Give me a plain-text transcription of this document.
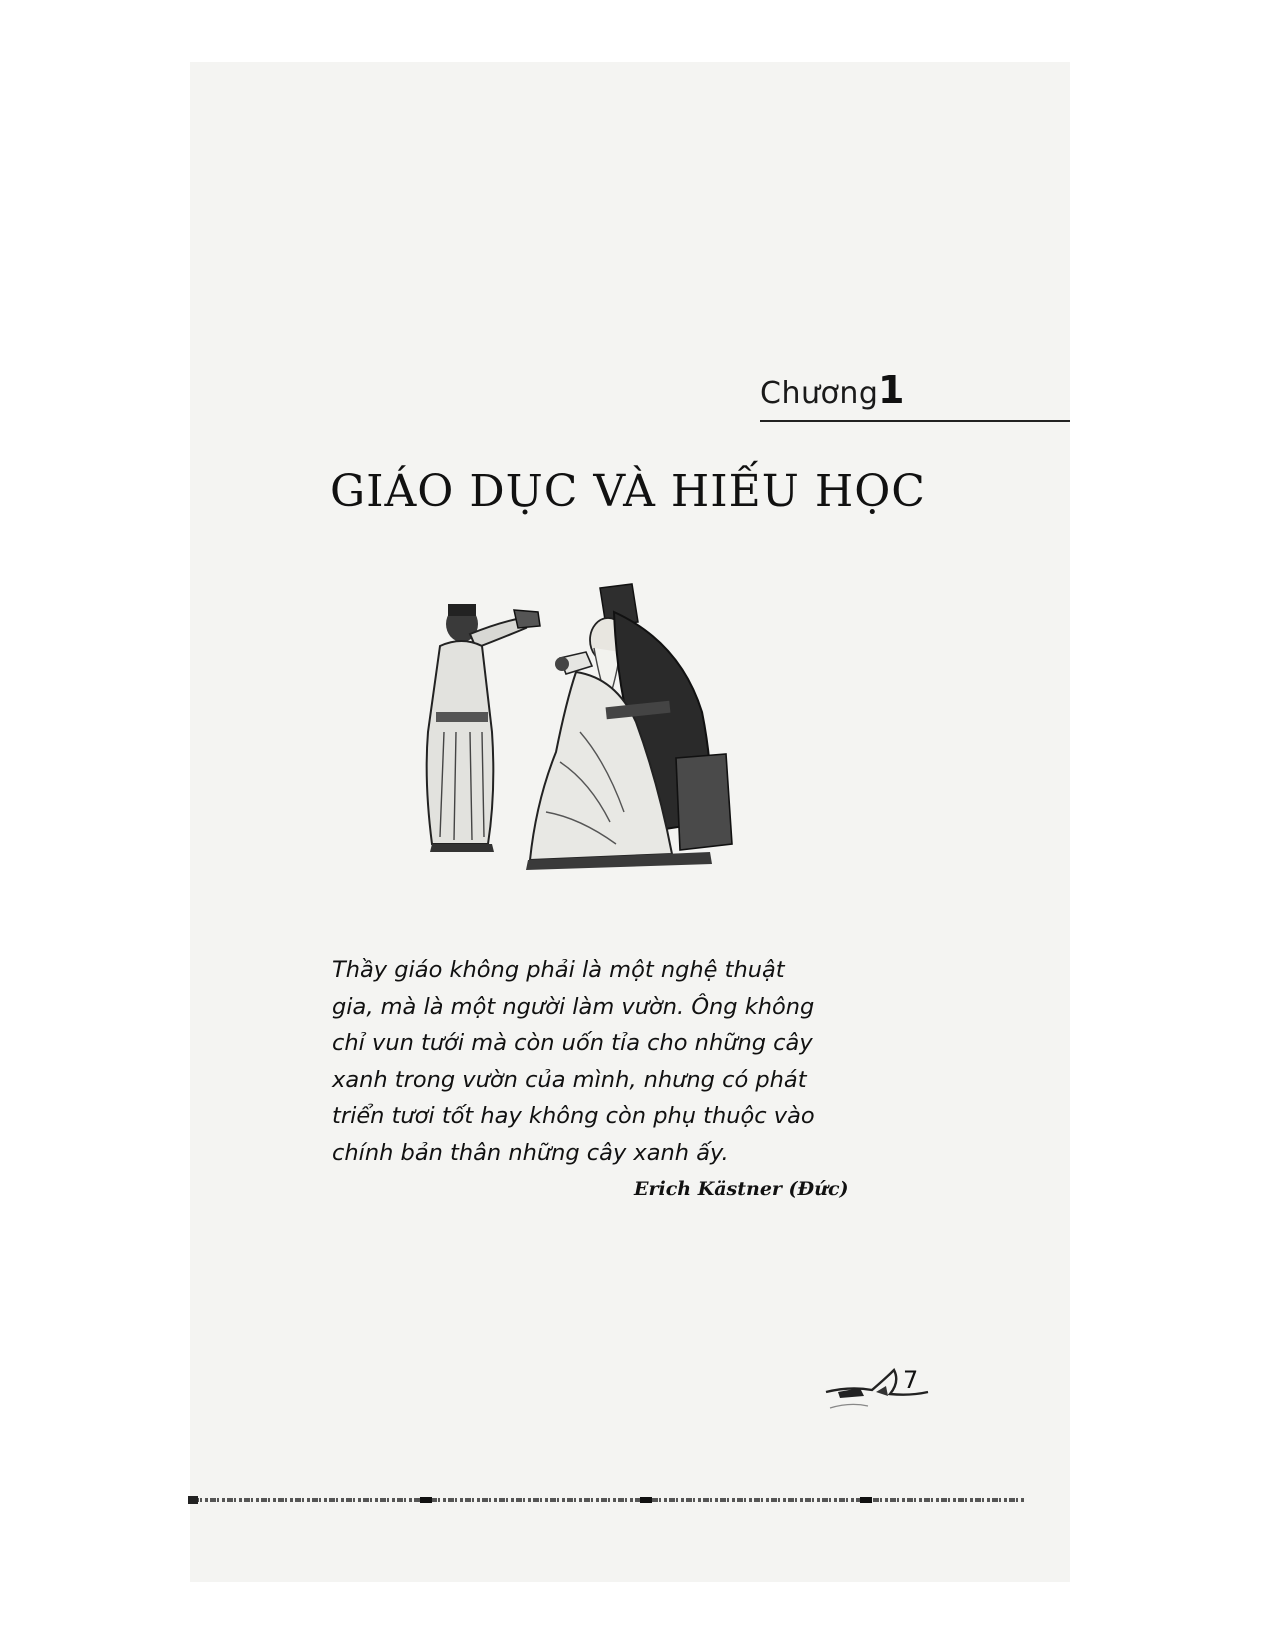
Chương 1
GIÁO DỤC VÀ HIẾU HỌC
Thầy giáo không phải là một nghệ thuật
gia, mà là một người làm vườn. Ông không
chỉ vun tưới mà còn uốn tỉa cho những cây
xanh trong vườn của mình, nhưng có phát
triển tươi tốt hay không còn phụ thuộc vào
chính bản thân những cây xanh ấy.
Erich Kästner (Đức)
7
